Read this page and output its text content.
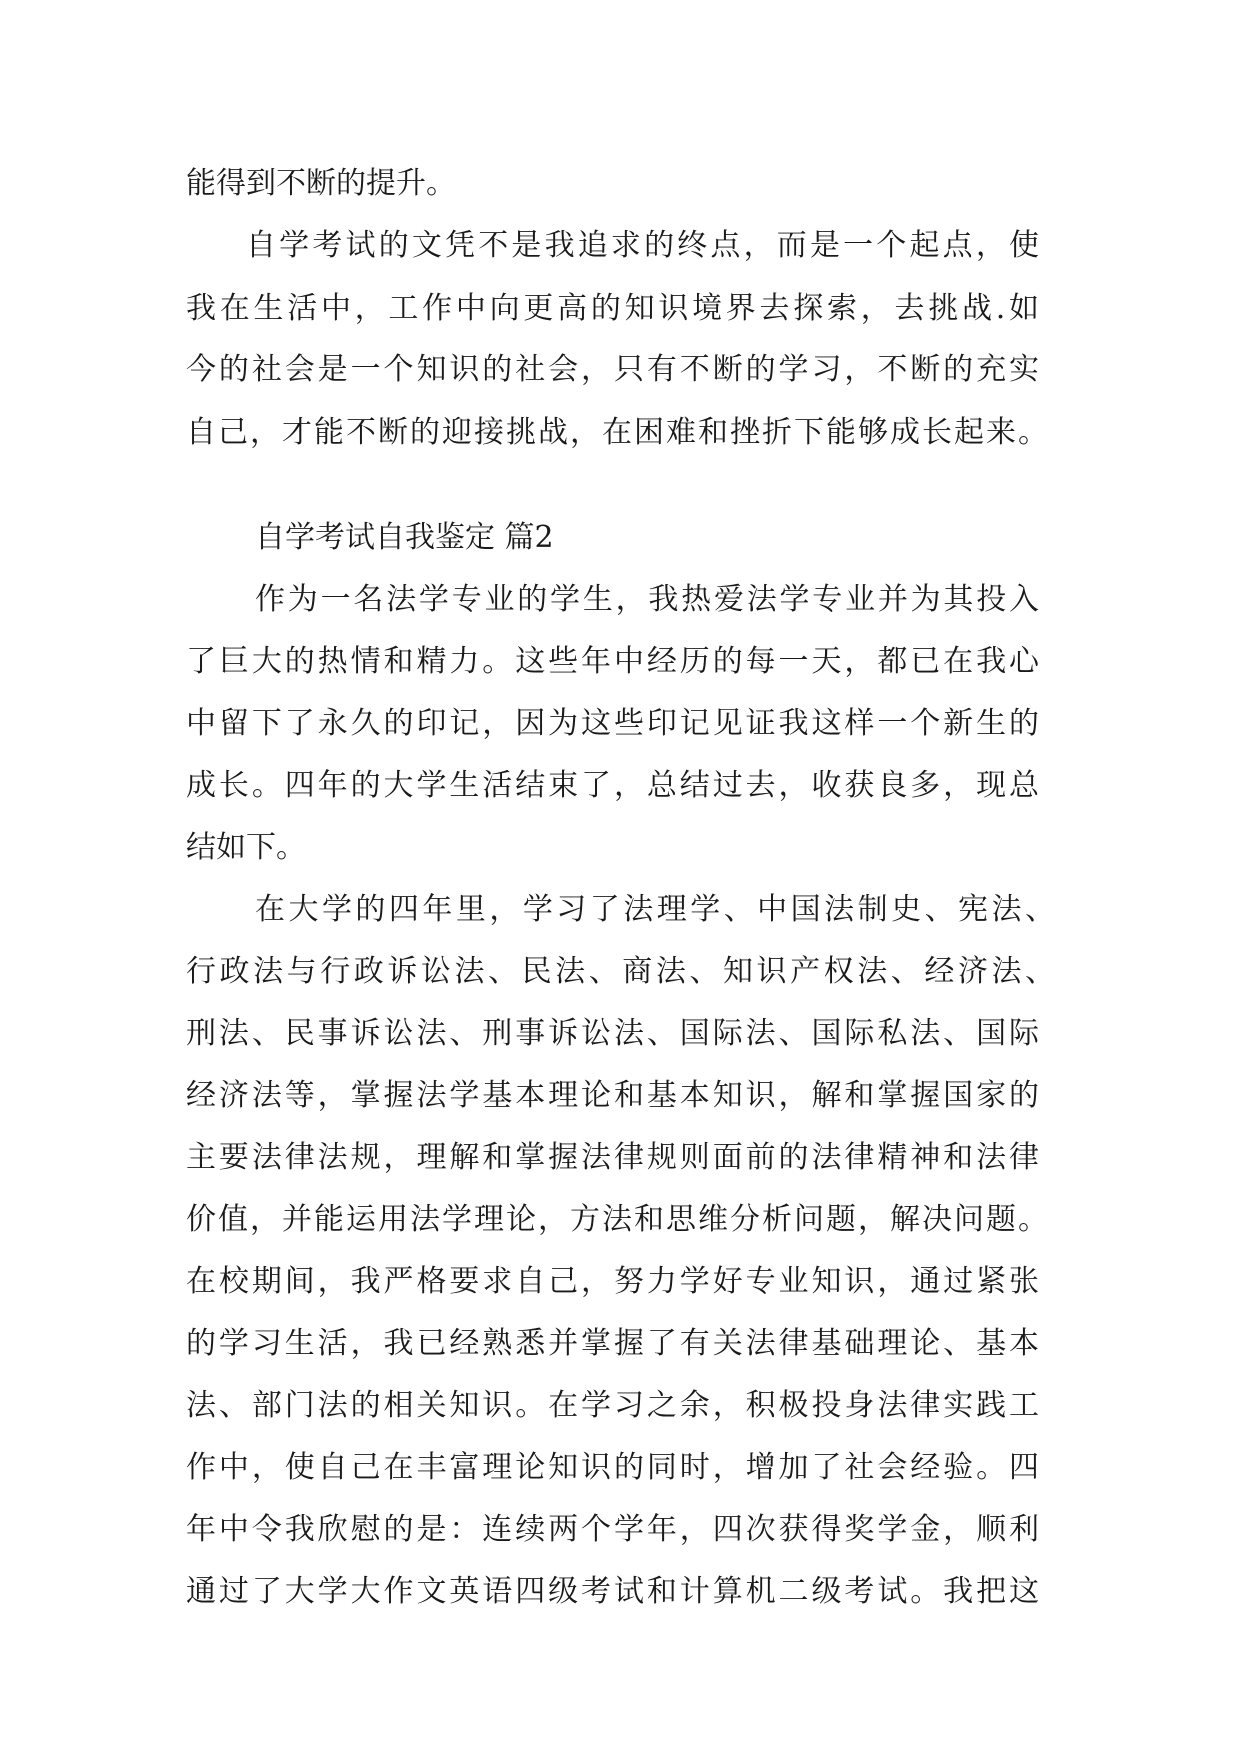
能得到不断的提升。
自学考试的文凭不是我追求的终点，而是一个起点，使
我在生活中，工作中向更高的知识境界去探索，去挑战.如
今的社会是一个知识的社会，只有不断的学习，不断的充实
自己，才能不断的迎接挑战，在困难和挫折下能够成长起来。
自学考试自我鉴定 篇2
作为一名法学专业的学生，我热爱法学专业并为其投入
了巨大的热情和精力。这些年中经历的每一天，都已在我心
中留下了永久的印记，因为这些印记见证我这样一个新生的
成长。四年的大学生活结束了，总结过去，收获良多，现总
结如下。
在大学的四年里，学习了法理学、中国法制史、宪法、
行政法与行政诉讼法、民法、商法、知识产权法、经济法、
刑法、民事诉讼法、刑事诉讼法、国际法、国际私法、国际
经济法等，掌握法学基本理论和基本知识，解和掌握国家的
主要法律法规，理解和掌握法律规则面前的法律精神和法律
价值，并能运用法学理论，方法和思维分析问题，解决问题。
在校期间，我严格要求自己，努力学好专业知识，通过紧张
的学习生活，我已经熟悉并掌握了有关法律基础理论、基本
法、部门法的相关知识。在学习之余，积极投身法律实践工
作中，使自己在丰富理论知识的同时，增加了社会经验。四
年中令我欣慰的是：连续两个学年，四次获得奖学金，顺利
通过了大学大作文英语四级考试和计算机二级考试。我把这
